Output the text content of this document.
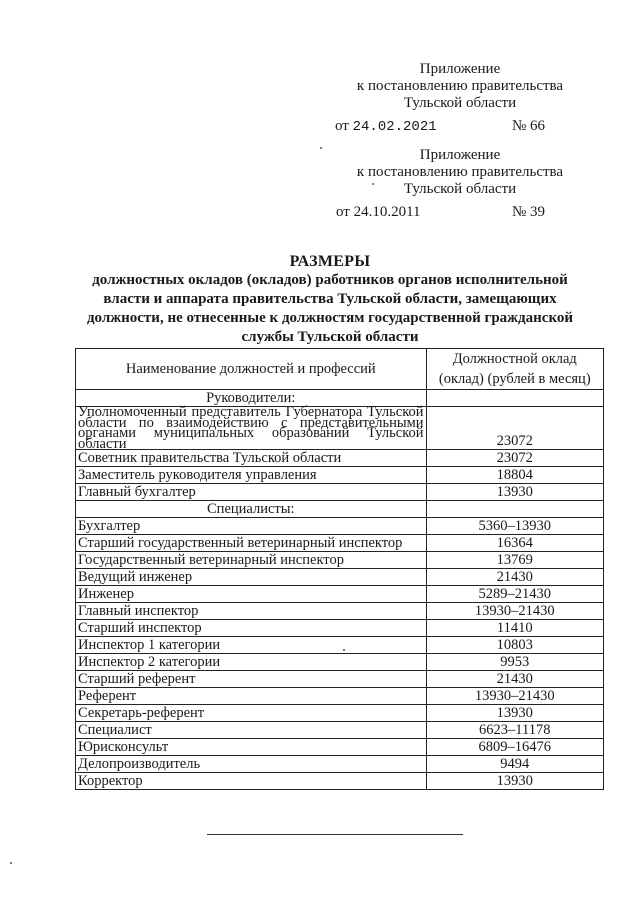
Приложение
к постановлению правительства
Тульской области
от 24.02.2021	№ 66
Приложение
к постановлению правительства
Тульской области
от 24.10.2011	№ 39
РАЗМЕРЫ
должностных окладов (окладов) работников органов исполнительной
власти и аппарата правительства Тульской области, замещающих
должности, не отнесенные к должностям государственной гражданской
службы Тульской области
Наименование должностей и профессий	Должностной оклад (оклад) (рублей в месяц)
Руководители:	
Уполномоченный представитель Губернатора Тульской области по взаимодействию с представительными органами муниципальных образований Тульской области	23072
Советник правительства Тульской области	23072
Заместитель руководителя управления	18804
Главный бухгалтер	13930
Специалисты:	
Бухгалтер	5360–13930
Старший государственный ветеринарный инспектор	16364
Государственный ветеринарный инспектор	13769
Ведущий инженер	21430
Инженер	5289–21430
Главный инспектор	13930–21430
Старший инспектор	11410
Инспектор 1 категории	10803
Инспектор 2 категории	9953
Старший референт	21430
Референт	13930–21430
Секретарь-референт	13930
Специалист	6623–11178
Юрисконсульт	6809–16476
Делопроизводитель	9494
Корректор	13930
